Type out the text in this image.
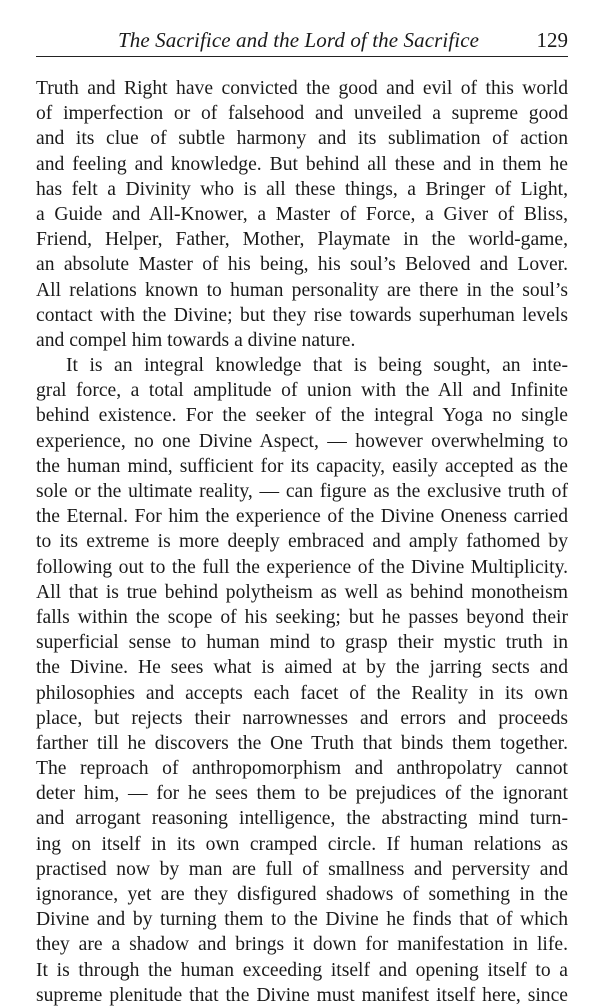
The Sacrifice and the Lord of the Sacrifice	129
Truth and Right have convicted the good and evil of this world
of imperfection or of falsehood and unveiled a supreme good
and its clue of subtle harmony and its sublimation of action
and feeling and knowledge. But behind all these and in them he
has felt a Divinity who is all these things, a Bringer of Light,
a Guide and All-Knower, a Master of Force, a Giver of Bliss,
Friend, Helper, Father, Mother, Playmate in the world-game,
an absolute Master of his being, his soul’s Beloved and Lover.
All relations known to human personality are there in the soul’s
contact with the Divine; but they rise towards superhuman levels
and compel him towards a divine nature.
It is an integral knowledge that is being sought, an inte-
gral force, a total amplitude of union with the All and Infinite
behind existence. For the seeker of the integral Yoga no single
experience, no one Divine Aspect, — however overwhelming to
the human mind, sufficient for its capacity, easily accepted as the
sole or the ultimate reality, — can figure as the exclusive truth of
the Eternal. For him the experience of the Divine Oneness carried
to its extreme is more deeply embraced and amply fathomed by
following out to the full the experience of the Divine Multiplicity.
All that is true behind polytheism as well as behind monotheism
falls within the scope of his seeking; but he passes beyond their
superficial sense to human mind to grasp their mystic truth in
the Divine. He sees what is aimed at by the jarring sects and
philosophies and accepts each facet of the Reality in its own
place, but rejects their narrownesses and errors and proceeds
farther till he discovers the One Truth that binds them together.
The reproach of anthropomorphism and anthropolatry cannot
deter him, — for he sees them to be prejudices of the ignorant
and arrogant reasoning intelligence, the abstracting mind turn-
ing on itself in its own cramped circle. If human relations as
practised now by man are full of smallness and perversity and
ignorance, yet are they disfigured shadows of something in the
Divine and by turning them to the Divine he finds that of which
they are a shadow and brings it down for manifestation in life.
It is through the human exceeding itself and opening itself to a
supreme plenitude that the Divine must manifest itself here, since
